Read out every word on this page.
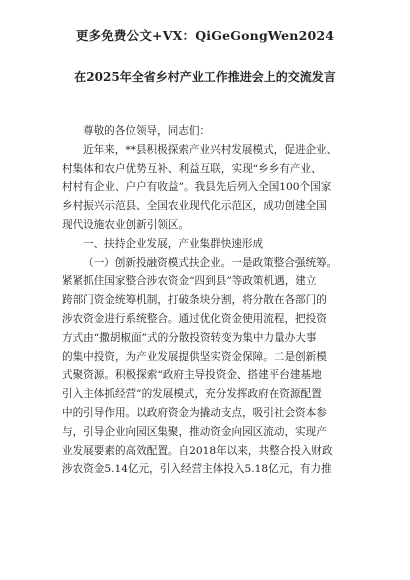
更多免费公文+VX：QiGeGongWen2024
在2025年全省乡村产业工作推进会上的交流发言
尊敬的各位领导，同志们：
近年来，**县积极探索产业兴村发展模式，促进企业、
村集体和农户优势互补、利益互联，实现“乡乡有产业、
村村有企业、户户有收益”。我县先后列入全国100个国家
乡村振兴示范县、全国农业现代化示范区，成功创建全国
现代设施农业创新引领区。
一、扶持企业发展，产业集群快速形成
（一）创新投融资模式扶企业。一是政策整合强统筹。
紧紧抓住国家整合涉农资金“四到县”等政策机遇，建立
跨部门资金统筹机制，打破条块分割，将分散在各部门的
涉农资金进行系统整合。通过优化资金使用流程，把投资
方式由“撒胡椒面”式的分散投资转变为集中力量办大事
的集中投资，为产业发展提供坚实资金保障。二是创新模
式聚资源。积极探索“政府主导投资金、搭建平台建基地
引入主体抓经营”的发展模式，充分发挥政府在资源配置
中的引导作用。以政府资金为撬动支点，吸引社会资本参
与，引导企业向园区集聚，推动资金向园区流动，实现产
业发展要素的高效配置。自2018年以来，共整合投入财政
涉农资金5.14亿元，引入经营主体投入5.18亿元，有力推
